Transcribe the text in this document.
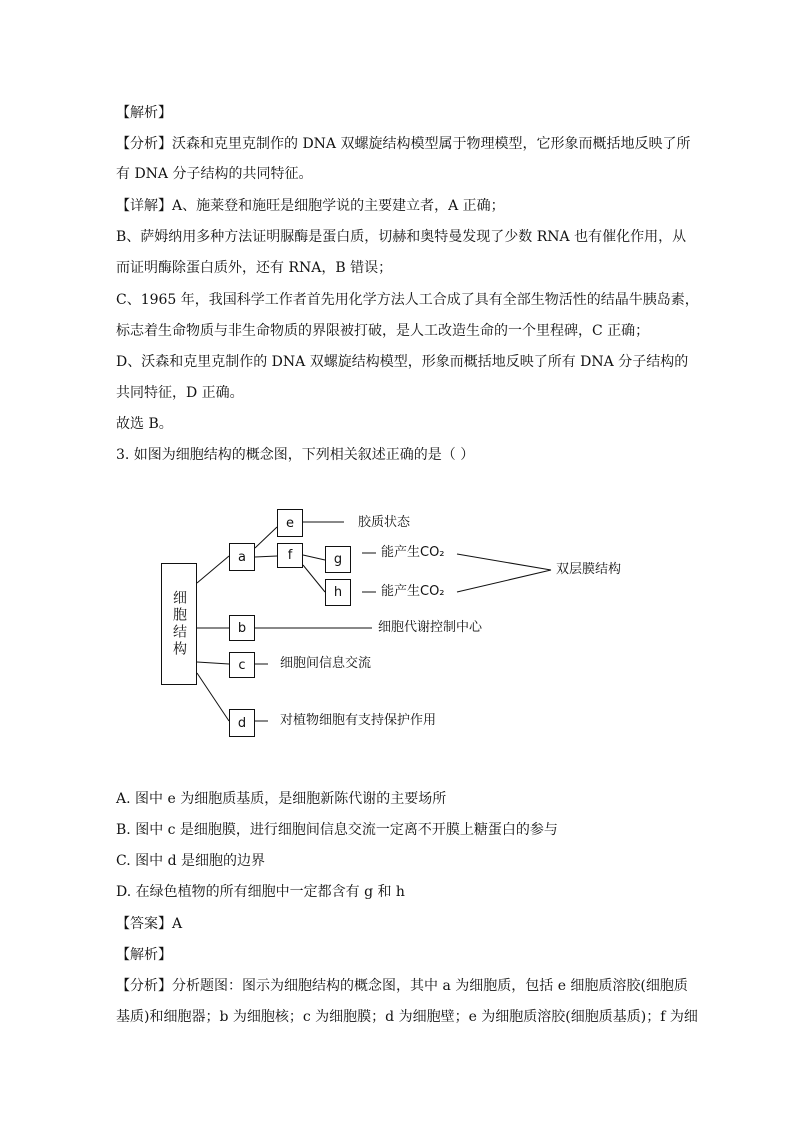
【解析】
【分析】沃森和克里克制作的 DNA 双螺旋结构模型属于物理模型，它形象而概括地反映了所
有 DNA 分子结构的共同特征。
【详解】A、施莱登和施旺是细胞学说的主要建立者，A 正确；
B、萨姆纳用多种方法证明脲酶是蛋白质，切赫和奥特曼发现了少数 RNA 也有催化作用，从
而证明酶除蛋白质外，还有 RNA，B 错误；
C、1965 年，我国科学工作者首先用化学方法人工合成了具有全部生物活性的结晶牛胰岛素，
标志着生命物质与非生命物质的界限被打破，是人工改造生命的一个里程碑，C 正确；
D、沃森和克里克制作的 DNA 双螺旋结构模型，形象而概括地反映了所有 DNA 分子结构的
共同特征，D 正确。
故选 B。
3. 如图为细胞结构的概念图，下列相关叙述正确的是（ ）
细胞结构
a
e
f	g
h
b
c
d
胶质状态
能产生CO₂
能产生CO₂
双层膜结构
细胞代谢控制中心
细胞间信息交流
对植物细胞有支持保护作用
A. 图中 e 为细胞质基质，是细胞新陈代谢的主要场所
B. 图中 c 是细胞膜，进行细胞间信息交流一定离不开膜上糖蛋白的参与
C. 图中 d 是细胞的边界
D. 在绿色植物的所有细胞中一定都含有 g 和 h
【答案】A
【解析】
【分析】分析题图：图示为细胞结构的概念图，其中 a 为细胞质，包括 e 细胞质溶胶(细胞质
基质)和细胞器；b 为细胞核；c 为细胞膜；d 为细胞壁；e 为细胞质溶胶(细胞质基质)；f 为细
